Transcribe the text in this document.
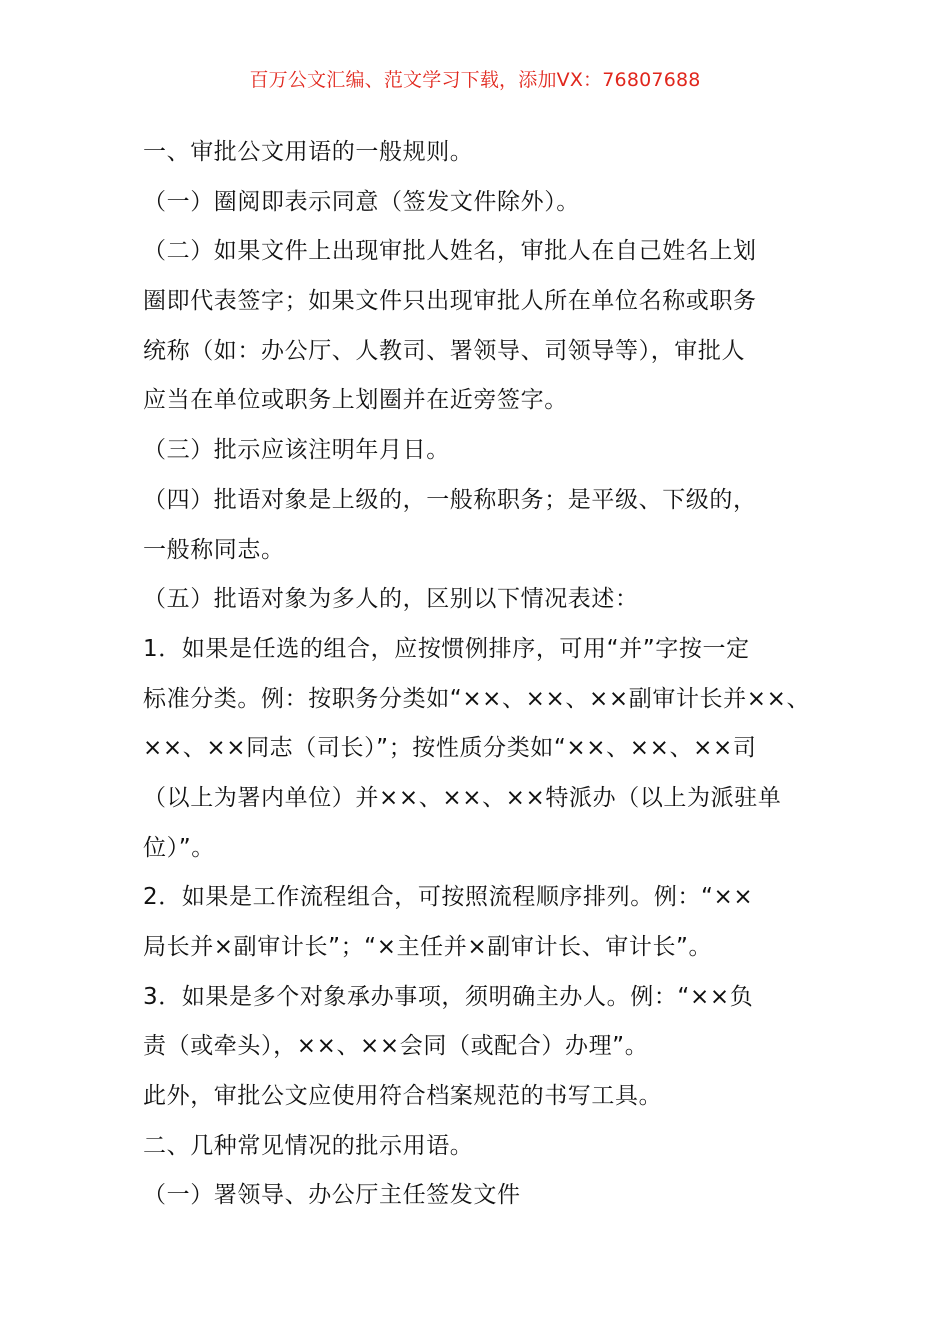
百万公文汇编、范文学习下载，添加VX：76807688

一、审批公文用语的一般规则。

（一）圈阅即表示同意（签发文件除外）。

（二）如果文件上出现审批人姓名，审批人在自己姓名上划

圈即代表签字；如果文件只出现审批人所在单位名称或职务

统称（如：办公厅、人教司、署领导、司领导等），审批人

应当在单位或职务上划圈并在近旁签字。

（三）批示应该注明年月日。

（四）批语对象是上级的，一般称职务；是平级、下级的，

一般称同志。

（五）批语对象为多人的，区别以下情况表述：

1．如果是任选的组合，应按惯例排序，可用“并”字按一定

标准分类。例：按职务分类如“××、××、××副审计长并××、

××、××同志（司长）”；按性质分类如“××、××、××司

（以上为署内单位）并××、××、××特派办（以上为派驻单

位）”。

2．如果是工作流程组合，可按照流程顺序排列。例：“××

局长并×副审计长”；“×主任并×副审计长、审计长”。

3．如果是多个对象承办事项，须明确主办人。例：“××负

责（或牵头），××、××会同（或配合）办理”。

此外，审批公文应使用符合档案规范的书写工具。

二、几种常见情况的批示用语。

（一）署领导、办公厅主任签发文件
